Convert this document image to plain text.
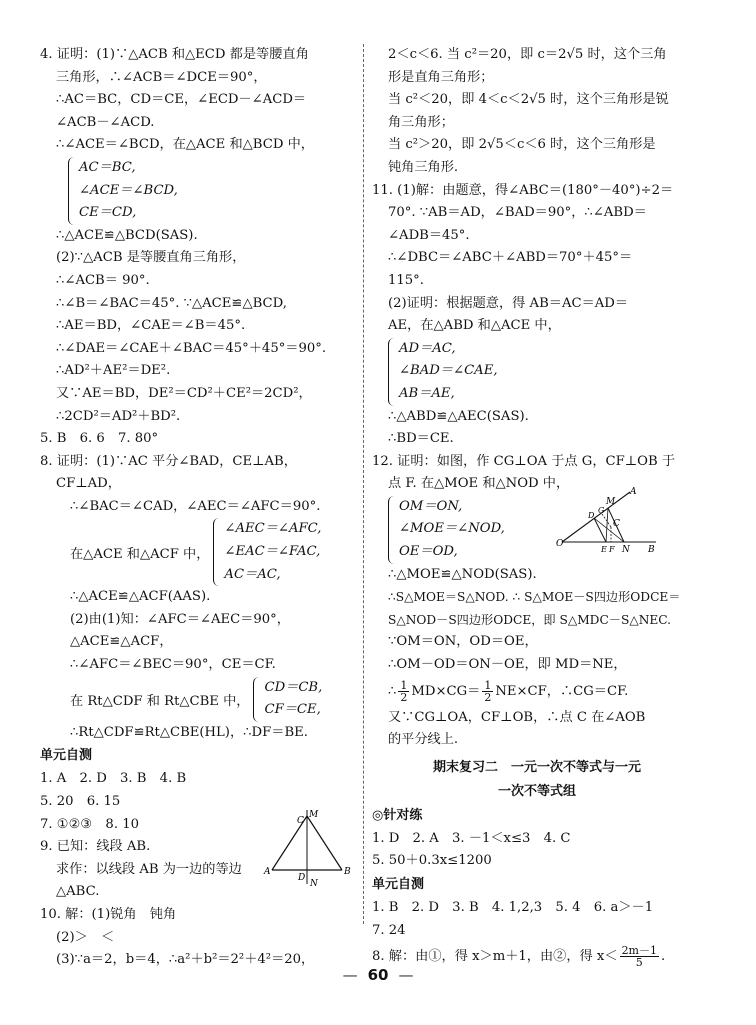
4. 证明：(1)∵△ACB 和△ECD 都是等腰直角
三角形，∴∠ACB＝∠DCE＝90°，
∴AC＝BC，CD＝CE，∠ECD－∠ACD＝
∠ACB－∠ACD.
∴∠ACE＝∠BCD，在△ACE 和△BCD 中，
AC＝BC,
∠ACE＝∠BCD,
CE＝CD,
∴△ACE≌△BCD(SAS).
(2)∵△ACB 是等腰直角三角形，
∴∠ACB＝ 90°.
∴∠B＝∠BAC＝45°. ∵△ACE≌△BCD,
∴AE＝BD，∠CAE＝∠B＝45°.
∴∠DAE＝∠CAE＋∠BAC＝45°＋45°＝90°.
∴AD²＋AE²＝DE².
又∵AE＝BD，DE²＝CD²＋CE²＝2CD²，
∴2CD²＝AD²＋BD².
5. B　6. 6　7. 80°
8. 证明：(1)∵AC 平分∠BAD，CE⊥AB，
CF⊥AD，
∴∠BAC＝∠CAD，∠AEC＝∠AFC＝90°.
在△ACE 和△ACF 中，
∠AEC＝∠AFC,
∠EAC＝∠FAC,
AC＝AC,
∴△ACE≌△ACF(AAS).
(2)由(1)知：∠AFC＝∠AEC＝90°，
△ACE≌△ACF，
∴∠AFC＝∠BEC＝90°，CE＝CF.
在 Rt△CDF 和 Rt△CBE 中，
CD＝CB,
CF＝CE,
∴Rt△CDF≌Rt△CBE(HL)，∴DF＝BE.
单元自测
1. A　2. D　3. B　4. B
5. 20　6. 15
7. ①②③　8. 10
9. 已知：线段 AB.
求作：以线段 AB 为一边的等边
△ABC.
10. 解：(1)锐角　钝角
(2)＞　＜
(3)∵a＝2，b＝4，∴a²＋b²＝2²＋4²＝20，
M
C
A	B
D
N
2＜c＜6. 当 c²＝20，即 c＝2√5 时，这个三角
形是直角三角形；
当 c²＜20，即 4＜c＜2√5 时，这个三角形是锐
角三角形；
当 c²＞20，即 2√5＜c＜6 时，这个三角形是
钝角三角形.
11. (1)解：由题意，得∠ABC＝(180°－40°)÷2＝
70°. ∵AB＝AD，∠BAD＝90°，∴∠ABD＝
∠ADB＝45°.
∴∠DBC＝∠ABC＋∠ABD＝70°＋45°＝
115°.
(2)证明：根据题意，得 AB＝AC＝AD＝
AE，在△ABD 和△ACE 中，
AD＝AC,
∠BAD＝∠CAE,
AB＝AE,
∴△ABD≌△AEC(SAS).
∴BD＝CE.
12. 证明：如图，作 CG⊥OA 于点 G，CF⊥OB 于
点 F. 在△MOE 和△NOD 中，
OM＝ON,
∠MOE＝∠NOD,
OE＝OD,
∴△MOE≌△NOD(SAS).
∴S△MOE＝S△NOD. ∴ S△MOE－S四边形ODCE＝
S△NOD－S四边形ODCE，即 S△MDC－S△NEC.
∵OM＝ON，OD＝OE，
∴OM－OD＝ON－OE，即 MD＝NE，
∴ $\frac{1}{2} MD\times CG= \frac{1}{2} NE\times CF$，∴CG＝CF.
又∵CG⊥OA，CF⊥OB，∴点 C 在∠AOB
的平分线上.
期末复习二　一元一次不等式与一元
一次不等式组
◎针对练
1. D　2. A　3. －1＜x≤3　4. C
5. 50＋0.3x≤1200
单元自测
1. B　2. D　3. B　4. 1,2,3　5. 4　6. a＞－1
7. 24
8. 解：由①，得 x＞m＋1，由②，得 $x< \frac{2m-1}{5}$ .
O
M
A
D
G
C
E F N B
— 60 —
